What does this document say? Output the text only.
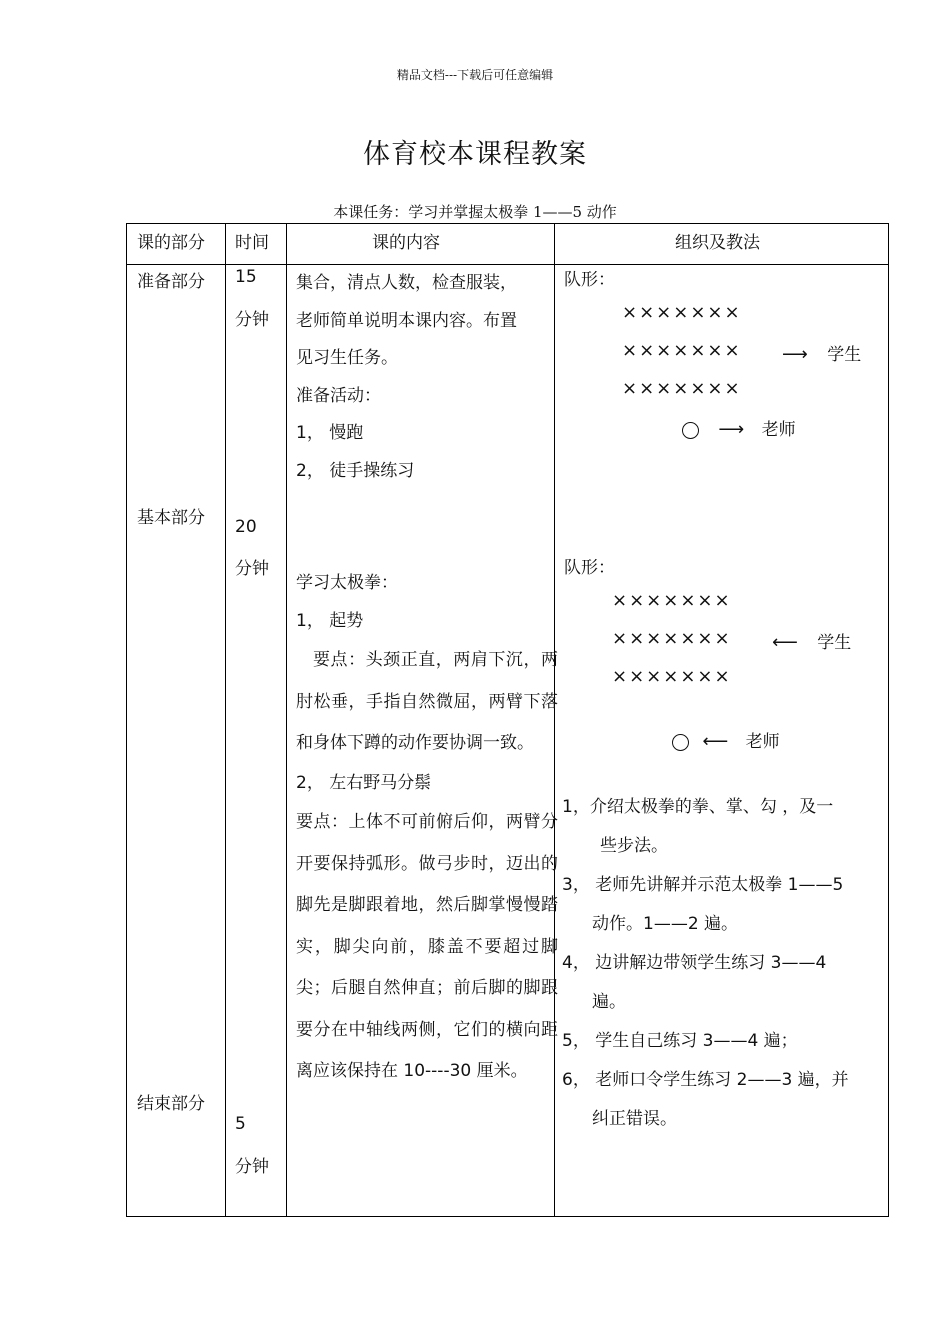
精品文档---下载后可任意编辑
体育校本课程教案
本课任务：学习并掌握太极拳 1——5 动作
课的部分 时间	课的内容	组织及教法
准备部分
基本部分
结束部分
15
分钟
20
分钟
5
分钟

集合，清点人数，检查服装，

老师简单说明本课内容。布置

见习生任务。

准备活动：

1， 慢跑

2， 徒手操练习

学习太极拳：

1， 起势

要点：头颈正直，两肩下沉，两肘松垂，手指自然微屈，两臂下落和身体下蹲的动作要协调一致。

2， 左右野马分鬃

要点：上体不可前俯后仰，两臂分开要保持弧形。做弓步时，迈出的脚先是脚跟着地，然后脚掌慢慢踏实，脚尖向前，膝盖不要超过脚尖；后腿自然伸直；前后脚的脚跟要分在中轴线两侧，它们的横向距离应该保持在 10----30 厘米。

队形：
×××××××
××××××× ⟶ 学生
×××××××
⟶ 老师
队形：
×××××××
××××××× ⟵ 学生
×××××××
⟵ 老师

1，介绍太极拳的拳、掌、勾 ，及一

些步法。

3， 老师先讲解并示范太极拳 1——5

动作。1——2 遍。

4， 边讲解边带领学生练习 3——4

遍。

5， 学生自己练习 3——4 遍；

6， 老师口令学生练习 2——3 遍，并

纠正错误。
